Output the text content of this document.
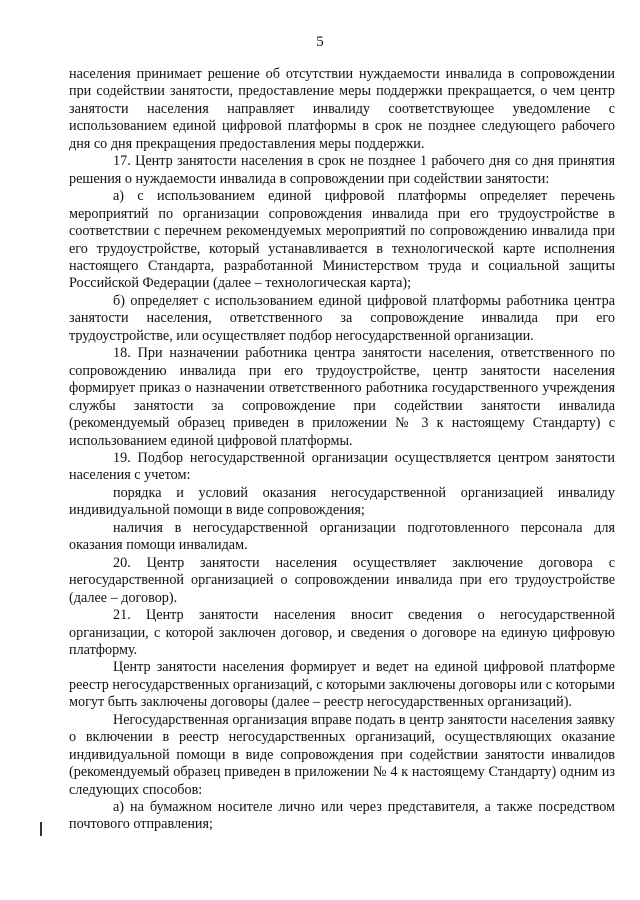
5

населения принимает решение об отсутствии нуждаемости инвалида в сопровождении при содействии занятости, предоставление меры поддержки прекращается, о чем центр занятости населения направляет инвалиду соответствующее уведомление с использованием единой цифровой платформы в срок не позднее следующего рабочего дня со дня прекращения предоставления меры поддержки.

17. Центр занятости населения в срок не позднее 1 рабочего дня со дня принятия решения о нуждаемости инвалида в сопровождении при содействии занятости:

а) с использованием единой цифровой платформы определяет перечень мероприятий по организации сопровождения инвалида при его трудоустройстве в соответствии с перечнем рекомендуемых мероприятий по сопровождению инвалида при его трудоустройстве, который устанавливается в технологической карте исполнения настоящего Стандарта, разработанной Министерством труда и социальной защиты Российской Федерации (далее – технологическая карта);

б) определяет с использованием единой цифровой платформы работника центра занятости населения, ответственного за сопровождение инвалида при его трудоустройстве, или осуществляет подбор негосударственной организации.

18. При назначении работника центра занятости населения, ответственного по сопровождению инвалида при его трудоустройстве, центр занятости населения формирует приказ о назначении ответственного работника государственного учреждения службы занятости за сопровождение при содействии занятости инвалида (рекомендуемый образец приведен в приложении № 3 к настоящему Стандарту) с использованием единой цифровой платформы.

19. Подбор негосударственной организации осуществляется центром занятости населения с учетом:

порядка и условий оказания негосударственной организацией инвалиду индивидуальной помощи в виде сопровождения;

наличия в негосударственной организации подготовленного персонала для оказания помощи инвалидам.

20. Центр занятости населения осуществляет заключение договора с негосударственной организацией о сопровождении инвалида при его трудоустройстве (далее – договор).

21. Центр занятости населения вносит сведения о негосударственной организации, с которой заключен договор, и сведения о договоре на единую цифровую платформу.

Центр занятости населения формирует и ведет на единой цифровой платформе реестр негосударственных организаций, с которыми заключены договоры или с которыми могут быть заключены договоры (далее – реестр негосударственных организаций).

Негосударственная организация вправе подать в центр занятости населения заявку о включении в реестр негосударственных организаций, осуществляющих оказание индивидуальной помощи в виде сопровождения при содействии занятости инвалидов (рекомендуемый образец приведен в приложении № 4 к настоящему Стандарту) одним из следующих способов:

а) на бумажном носителе лично или через представителя, а также посредством почтового отправления;
